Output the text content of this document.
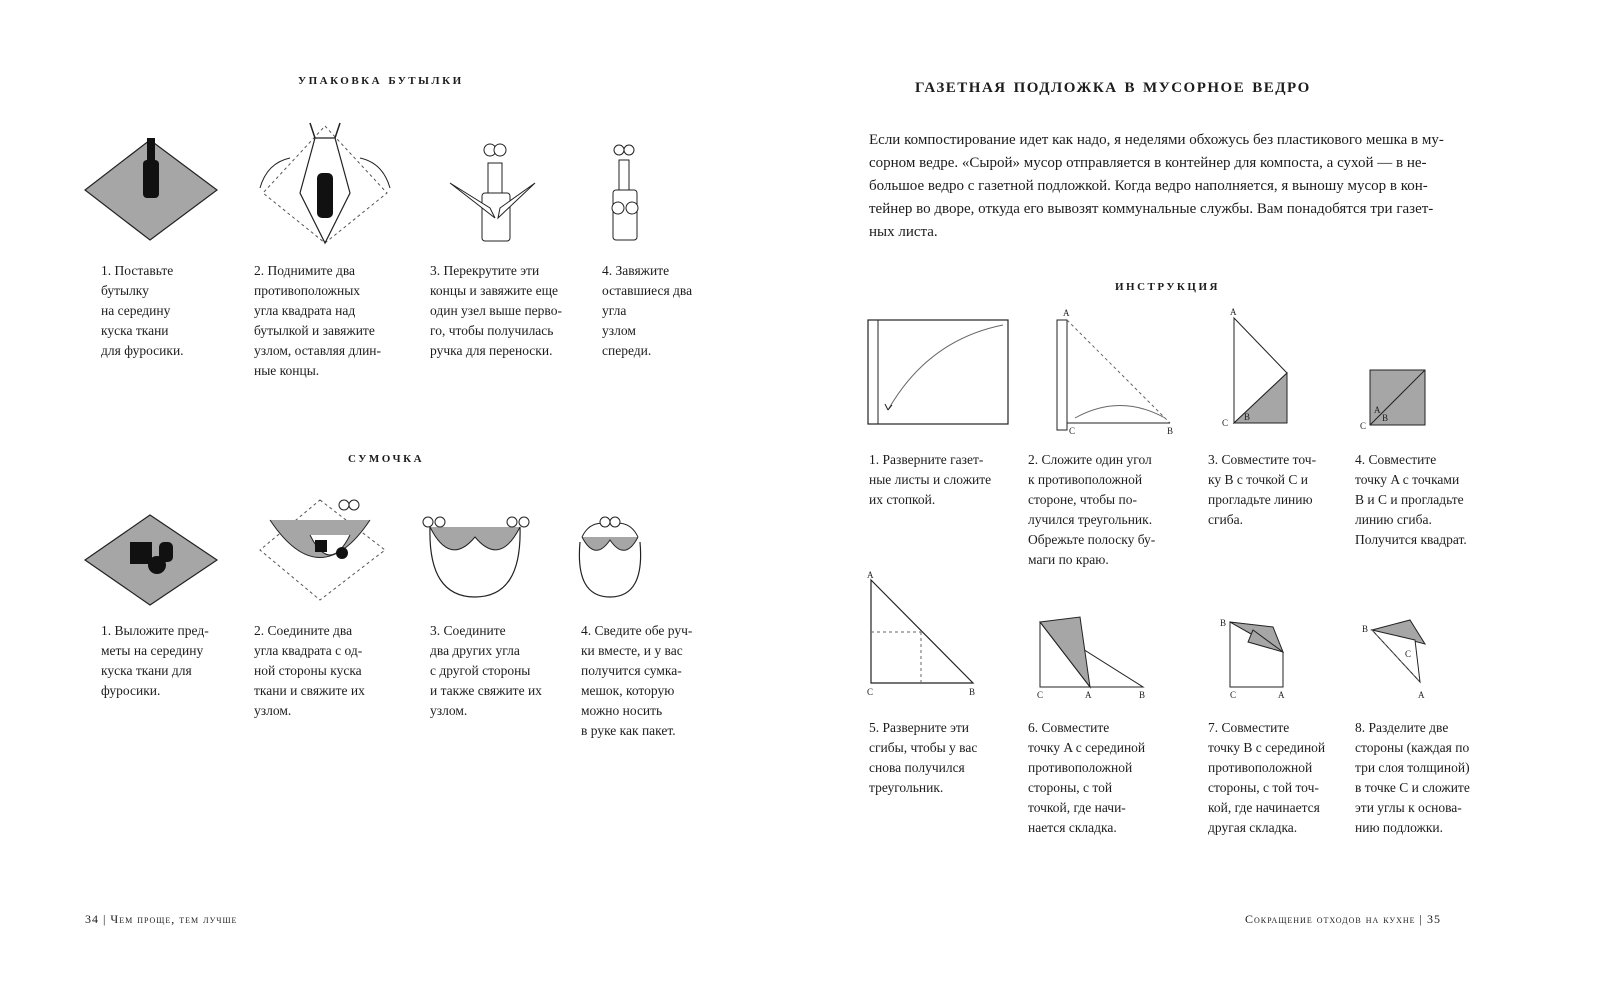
упаковка бутылки
1. Поставьте
бутылку
на середину
куска ткани
для фуросики.
2. Поднимите два
противоположных
угла квадрата над
бутылкой и завяжите
узлом, оставляя длин-
ные концы.
3. Перекрутите эти
концы и завяжите еще
один узел выше перво-
го, чтобы получилась
ручка для переноски.
4. Завяжите
оставшиеся два
угла
узлом
спереди.
сумочка
1. Выложите пред-
меты на середину
куска ткани для
фуросики.
2. Соедините два
угла квадрата с од-
ной стороны куска
ткани и свяжите их
узлом.
3. Соедините
два других угла
с другой стороны
и также свяжите их
узлом.
4. Сведите обе руч-
ки вместе, и у вас
получится сумка-
мешок, которую
можно носить
в руке как пакет.
34 | Чем проще, тем лучше
газетная подложка в мусорное ведро
Если компостирование идет как надо, я неделями обхожусь без пластикового мешка в му-
сорном ведре. «Сырой» мусор отправляется в контейнер для компоста, а сухой — в не-
большое ведро с газетной подложкой. Когда ведро наполняется, я выношу мусор в кон-
тейнер во дворе, откуда его вывозят коммунальные службы. Вам понадобятся три газет-
ных листа.
инструкция
A
C	B
A
C
B
A
B
C
1. Разверните газет-
ные листы и сложите
их стопкой.
2. Сложите один угол
к противоположной
стороне, чтобы по-
лучился треугольник.
Обрежьте полоску бу-
маги по краю.
3. Совместите точ-
ку B с точкой C и
прогладьте линию
сгиба.
4. Совместите
точку A с точками
B и C и прогладьте
линию сгиба.
Получится квадрат.
A
C	B	C	A	B
B
C	A
B
C
A
5. Разверните эти
сгибы, чтобы у вас
снова получился
треугольник.
6. Совместите
точку A с серединой
противоположной
стороны, с той
точкой, где начи-
нается складка.
7. Совместите
точку B с серединой
противоположной
стороны, с той точ-
кой, где начинается
другая складка.
8. Разделите две
стороны (каждая по
три слоя толщиной)
в точке C и сложите
эти углы к основа-
нию подложки.
Сокращение отходов на кухне | 35
